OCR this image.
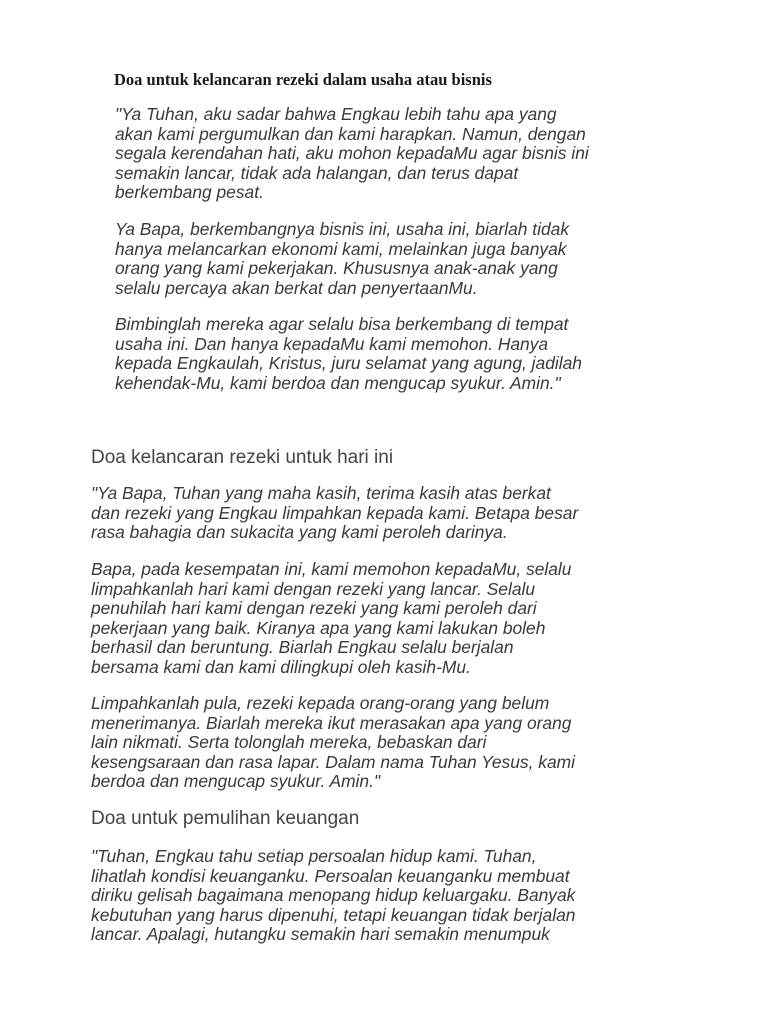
Doa untuk kelancaran rezeki dalam usaha atau bisnis
"Ya Tuhan, aku sadar bahwa Engkau lebih tahu apa yang
akan kami pergumulkan dan kami harapkan. Namun, dengan
segala kerendahan hati, aku mohon kepadaMu agar bisnis ini
semakin lancar, tidak ada halangan, dan terus dapat
berkembang pesat.
Ya Bapa, berkembangnya bisnis ini, usaha ini, biarlah tidak
hanya melancarkan ekonomi kami, melainkan juga banyak
orang yang kami pekerjakan. Khususnya anak-anak yang
selalu percaya akan berkat dan penyertaanMu.
Bimbinglah mereka agar selalu bisa berkembang di tempat
usaha ini. Dan hanya kepadaMu kami memohon. Hanya
kepada Engkaulah, Kristus, juru selamat yang agung, jadilah
kehendak-Mu, kami berdoa dan mengucap syukur. Amin."
Doa kelancaran rezeki untuk hari ini
"Ya Bapa, Tuhan yang maha kasih, terima kasih atas berkat
dan rezeki yang Engkau limpahkan kepada kami. Betapa besar
rasa bahagia dan sukacita yang kami peroleh darinya.
Bapa, pada kesempatan ini, kami memohon kepadaMu, selalu
limpahkanlah hari kami dengan rezeki yang lancar. Selalu
penuhilah hari kami dengan rezeki yang kami peroleh dari
pekerjaan yang baik. Kiranya apa yang kami lakukan boleh
berhasil dan beruntung. Biarlah Engkau selalu berjalan
bersama kami dan kami dilingkupi oleh kasih-Mu.
Limpahkanlah pula, rezeki kepada orang-orang yang belum
menerimanya. Biarlah mereka ikut merasakan apa yang orang
lain nikmati. Serta tolonglah mereka, bebaskan dari
kesengsaraan dan rasa lapar. Dalam nama Tuhan Yesus, kami
berdoa dan mengucap syukur. Amin."
Doa untuk pemulihan keuangan
"Tuhan, Engkau tahu setiap persoalan hidup kami. Tuhan,
lihatlah kondisi keuanganku. Persoalan keuanganku membuat
diriku gelisah bagaimana menopang hidup keluargaku. Banyak
kebutuhan yang harus dipenuhi, tetapi keuangan tidak berjalan
lancar. Apalagi, hutangku semakin hari semakin menumpuk
